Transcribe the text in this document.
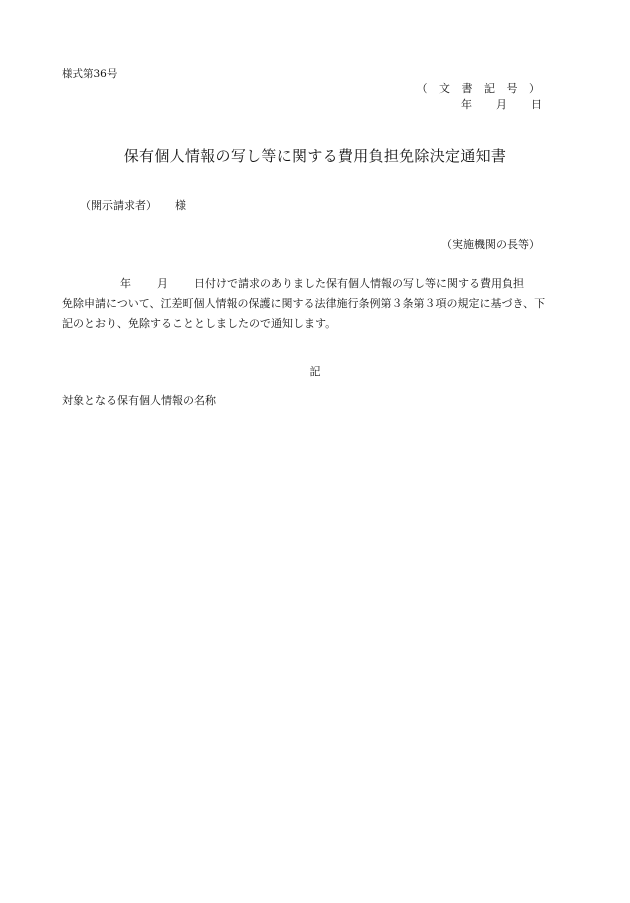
様式第36号
（ 文 書 記 号 ）
年 月 日
保有個人情報の写し等に関する費用負担免除決定通知書
（開示請求者） 様
（実施機関の長等）
年 月 日付けで請求のありました保有個人情報の写し等に関する費用負担
免除申請について、江差町個人情報の保護に関する法律施行条例第３条第３項の規定に基づき、下
記のとおり、免除することとしましたので通知します。
記
対象となる保有個人情報の名称
